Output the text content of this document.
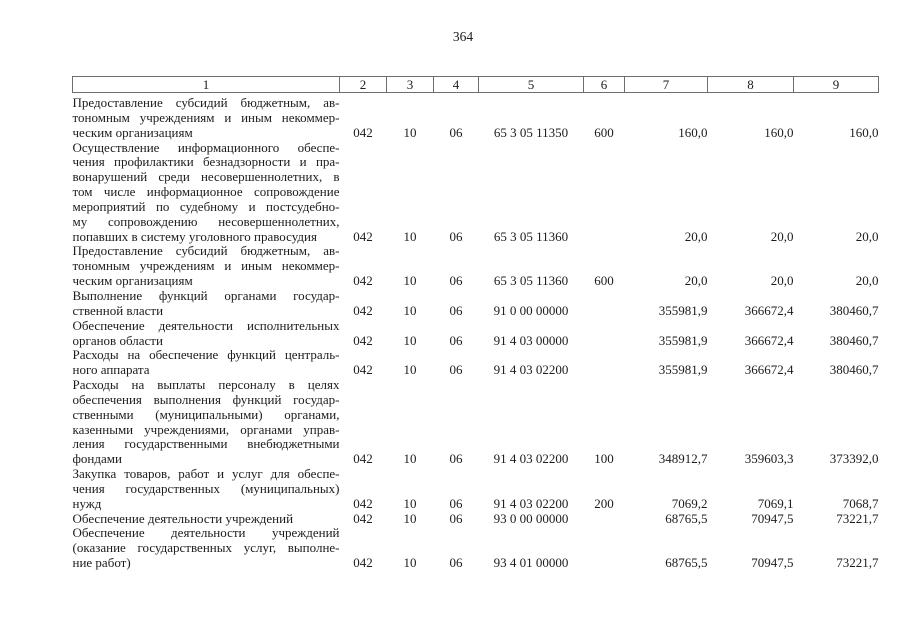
364
1	2	3	4	5	6	7	8	9

Предоставление субсидий бюджетным, ав-
тономным учреждениям и иным некоммер-
ческим организациям	042	10	06	65 3 05 11350	600	160,0	160,0	160,0

Осуществление информационного обеспе-
чения профилактики безнадзорности и пра-
вонарушений среди несовершеннолетних, в
том числе информационное сопровождение
мероприятий по судебному и постсудебно-
му сопровождению несовершеннолетних,
попавших в систему уголовного правосудия	042	10	06	65 3 05 11360		20,0	20,0	20,0

Предоставление субсидий бюджетным, ав-
тономным учреждениям и иным некоммер-
ческим организациям	042	10	06	65 3 05 11360	600	20,0	20,0	20,0

Выполнение функций органами государ-
ственной власти	042	10	06	91 0 00 00000		355981,9	366672,4	380460,7

Обеспечение деятельности исполнительных
органов области	042	10	06	91 4 03 00000		355981,9	366672,4	380460,7

Расходы на обеспечение функций централь-
ного аппарата	042	10	06	91 4 03 02200		355981,9	366672,4	380460,7

Расходы на выплаты персоналу в целях
обеспечения выполнения функций государ-
ственными (муниципальными) органами,
казенными учреждениями, органами управ-
ления государственными внебюджетными
фондами	042	10	06	91 4 03 02200	100	348912,7	359603,3	373392,0

Закупка товаров, работ и услуг для обеспе-
чения государственных (муниципальных)
нужд	042	10	06	91 4 03 02200	200	7069,2	7069,1	7068,7

Обеспечение деятельности учреждений	042	10	06	93 0 00 00000		68765,5	70947,5	73221,7

Обеспечение деятельности учреждений
(оказание государственных услуг, выполне-
ние работ)	042	10	06	93 4 01 00000		68765,5	70947,5	73221,7
